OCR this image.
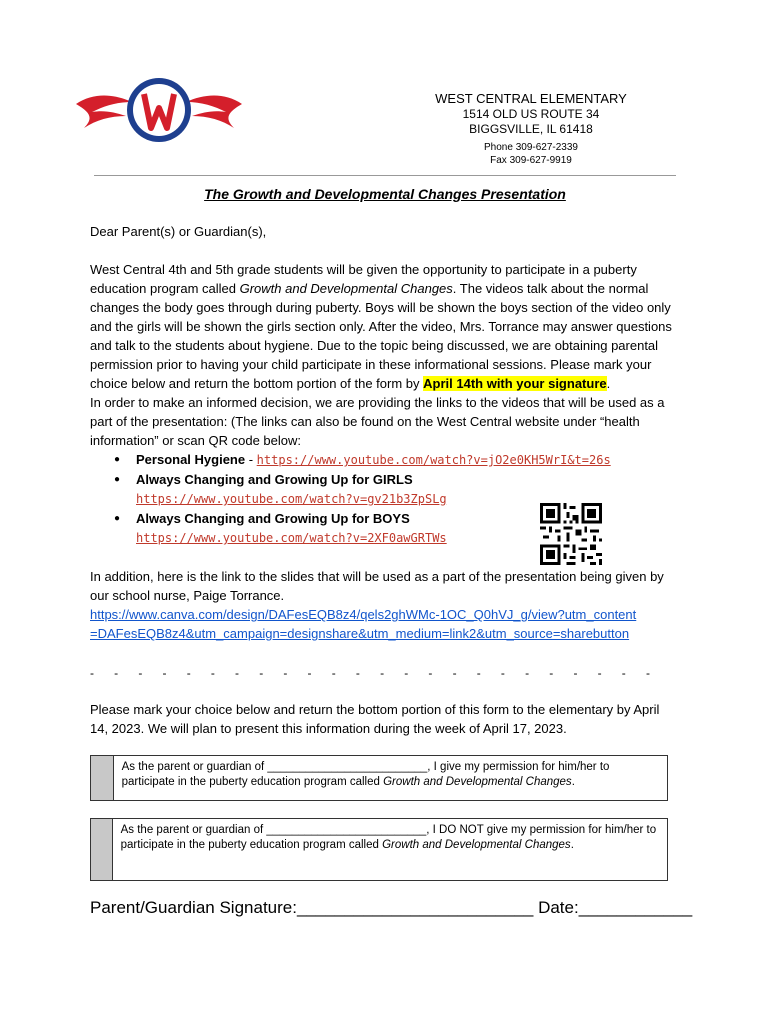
WEST CENTRAL ELEMENTARY
1514 OLD US ROUTE 34
BIGGSVILLE, IL 61418
Phone 309-627-2339
Fax 309-627-9919
The Growth and Developmental Changes Presentation

Dear Parent(s) or Guardian(s),

West Central 4th and 5th grade students will be given the opportunity to participate in a puberty education program called Growth and Developmental Changes. The videos talk about the normal changes the body goes through during puberty. Boys will be shown the boys section of the video only and the girls will be shown the girls section only. After the video, Mrs. Torrance may answer questions and talk to the students about hygiene. Due to the topic being discussed, we are obtaining parental permission prior to having your child participate in these informational sessions. Please mark your choice below and return the bottom portion of the form by April 14th with your signature.

In order to make an informed decision, we are providing the links to the videos that will be used as a part of the presentation: (The links can also be found on the West Central website under “health information” or scan QR code below:

● Personal Hygiene - https://www.youtube.com/watch?v=jO2e0KH5WrI&t=26s
● Always Changing and Growing Up for GIRLS
https://www.youtube.com/watch?v=gv21b3ZpSLg
● Always Changing and Growing Up for BOYS
https://www.youtube.com/watch?v=2XF0awGRTWs

In addition, here is the link to the slides that will be used as a part of the presentation being given by our school nurse, Paige Torrance.

https://www.canva.com/design/DAFesEQB8z4/qels2ghWMc-1OC_Q0hVJ_g/view?utm_content
=DAFesEQB8z4&utm_campaign=designshare&utm_medium=link2&utm_source=sharebutton

- - - - - - - - - - - - - - - - - - - - - - - -
Please mark your choice below and return the bottom portion of this form to the elementary by April 14, 2023. We will plan to present this information during the week of April 17, 2023.
As the parent or guardian of _________________________, I give my permission for him/her to participate in the puberty education program called Growth and Developmental Changes.
As the parent or guardian of _________________________, I DO NOT give my permission for him/her to participate in the puberty education program called Growth and Developmental Changes.
Parent/Guardian Signature:_________________________ Date:____________
